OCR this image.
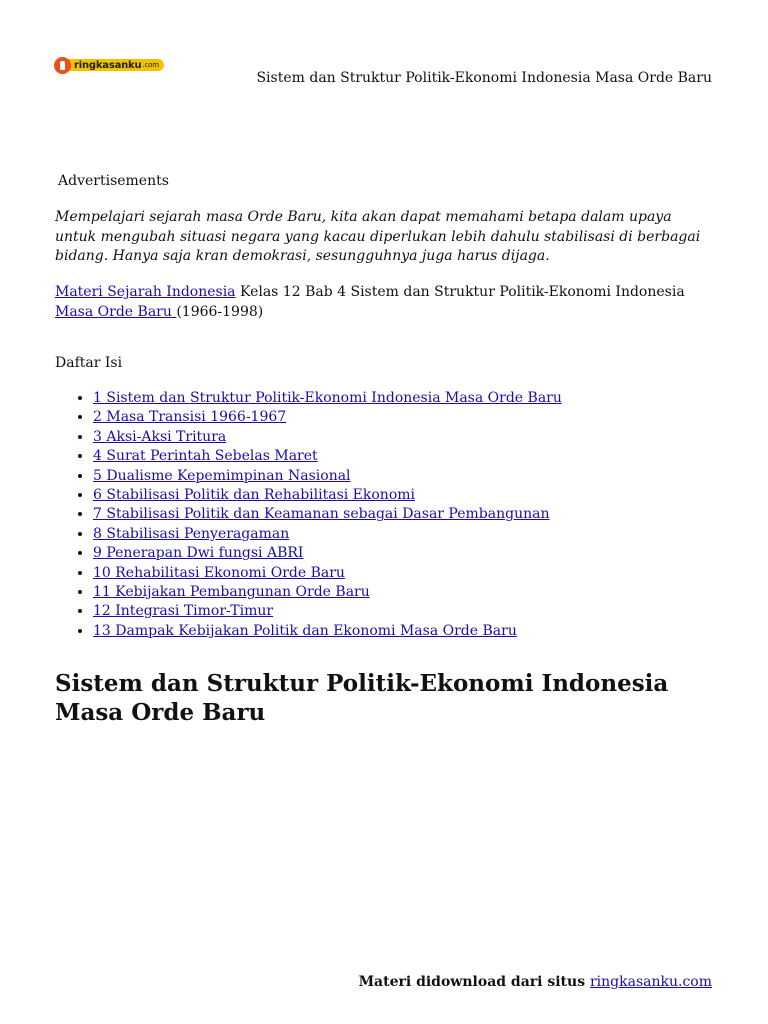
ringkasanku .com
Sistem dan Struktur Politik-Ekonomi Indonesia Masa Orde Baru
Advertisements

Mempelajari sejarah masa Orde Baru, kita akan dapat memahami betapa dalam upaya untuk mengubah situasi negara yang kacau diperlukan lebih dahulu stabilisasi di berbagai bidang. Hanya saja kran demokrasi, sesungguhnya juga harus dijaga.

Materi Sejarah Indonesia Kelas 12 Bab 4 Sistem dan Struktur Politik-Ekonomi Indonesia Masa Orde Baru (1966-1998)

Daftar Isi
• 1 Sistem dan Struktur Politik-Ekonomi Indonesia Masa Orde Baru
• 2 Masa Transisi 1966-1967
• 3 Aksi-Aksi Tritura
• 4 Surat Perintah Sebelas Maret
• 5 Dualisme Kepemimpinan Nasional
• 6 Stabilisasi Politik dan Rehabilitasi Ekonomi
• 7 Stabilisasi Politik dan Keamanan sebagai Dasar Pembangunan
• 8 Stabilisasi Penyeragaman
• 9 Penerapan Dwi fungsi ABRI
• 10 Rehabilitasi Ekonomi Orde Baru
• 11 Kebijakan Pembangunan Orde Baru
• 12 Integrasi Timor-Timur
• 13 Dampak Kebijakan Politik dan Ekonomi Masa Orde Baru
Sistem dan Struktur Politik-Ekonomi Indonesia Masa Orde Baru
Materi didownload dari situs ringkasanku.com
